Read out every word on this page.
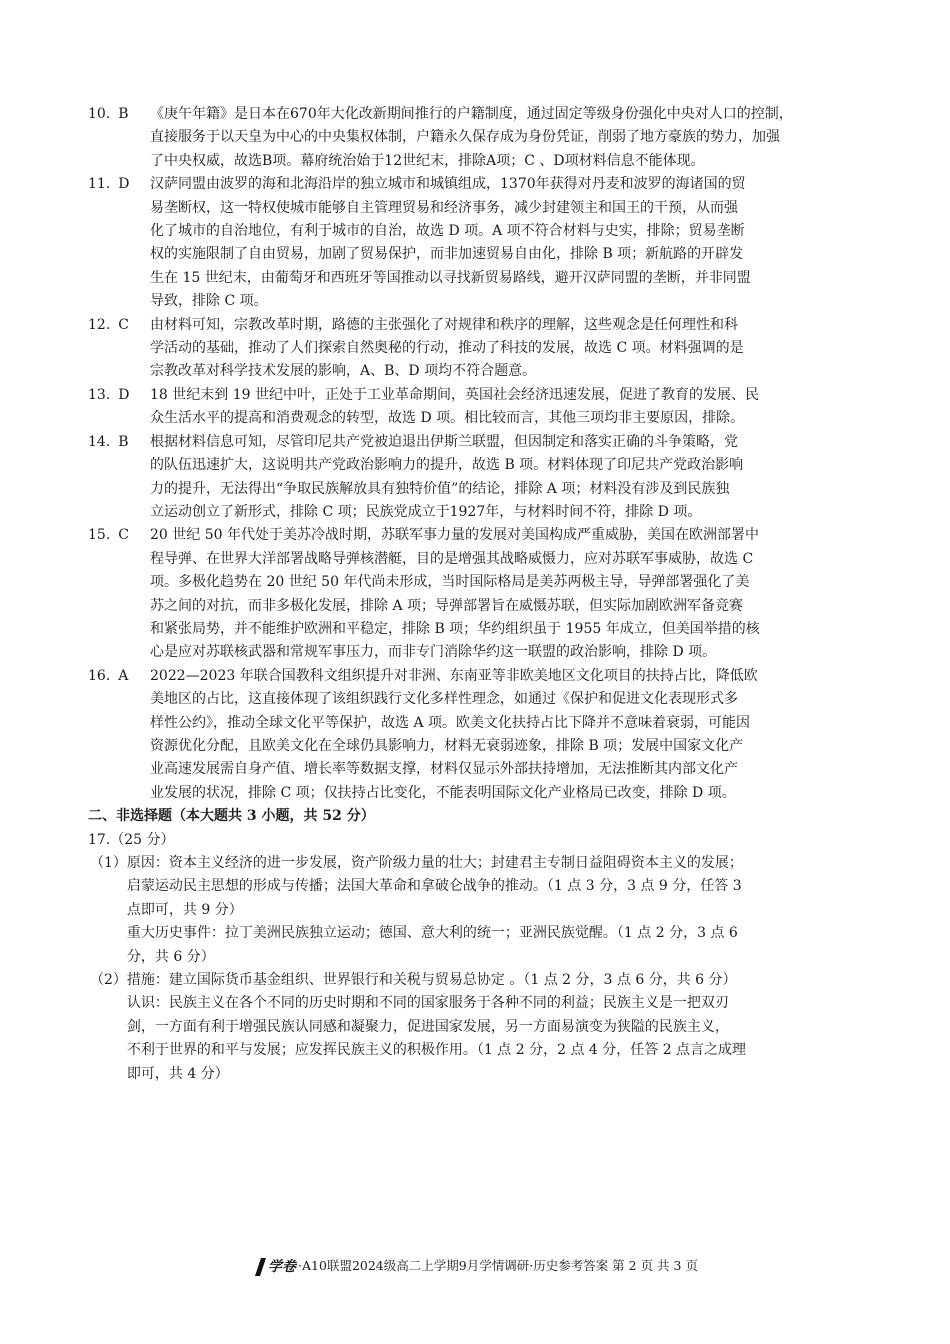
10. B	《庚午年籍》是日本在670年大化改新期间推行的户籍制度，通过固定等级身份强化中央对人口的控制，
直接服务于以天皇为中心的中央集权体制，户籍永久保存成为身份凭证，削弱了地方豪族的势力，加强
了中央权威，故选B项。幕府统治始于12世纪末，排除A项；C 、D项材料信息不能体现。
11. D	汉萨同盟由波罗的海和北海沿岸的独立城市和城镇组成，1370年获得对丹麦和波罗的海诸国的贸
易垄断权，这一特权使城市能够自主管理贸易和经济事务，减少封建领主和国王的干预，从而强
化了城市的自治地位，有利于城市的自治，故选 D 项。A 项不符合材料与史实，排除；贸易垄断
权的实施限制了自由贸易，加剧了贸易保护，而非加速贸易自由化，排除 B 项；新航路的开辟发
生在 15 世纪末，由葡萄牙和西班牙等国推动以寻找新贸易路线，避开汉萨同盟的垄断，并非同盟
导致，排除 C 项。
12. C	由材料可知，宗教改革时期，路德的主张强化了对规律和秩序的理解，这些观念是任何理性和科
学活动的基础，推动了人们探索自然奥秘的行动，推动了科技的发展，故选 C 项。材料强调的是
宗教改革对科学技术发展的影响，A、B、D 项均不符合题意。
13. D	18 世纪末到 19 世纪中叶，正处于工业革命期间，英国社会经济迅速发展，促进了教育的发展、民
众生活水平的提高和消费观念的转型，故选 D 项。相比较而言，其他三项均非主要原因，排除。
14. B	根据材料信息可知，尽管印尼共产党被迫退出伊斯兰联盟，但因制定和落实正确的斗争策略，党
的队伍迅速扩大，这说明共产党政治影响力的提升，故选 B 项。材料体现了印尼共产党政治影响
力的提升，无法得出“争取民族解放具有独特价值”的结论，排除 A 项；材料没有涉及到民族独
立运动创立了新形式，排除 C 项；民族党成立于1927年，与材料时间不符，排除 D 项。
15. C	20 世纪 50 年代处于美苏冷战时期，苏联军事力量的发展对美国构成严重威胁，美国在欧洲部署中
程导弹、在世界大洋部署战略导弹核潜艇，目的是增强其战略威慑力，应对苏联军事威胁，故选 C
项。多极化趋势在 20 世纪 50 年代尚未形成，当时国际格局是美苏两极主导，导弹部署强化了美
苏之间的对抗，而非多极化发展，排除 A 项；导弹部署旨在威慑苏联，但实际加剧欧洲军备竞赛
和紧张局势，并不能维护欧洲和平稳定，排除 B 项；华约组织虽于 1955 年成立，但美国举措的核
心是应对苏联核武器和常规军事压力，而非专门消除华约这一联盟的政治影响，排除 D 项。
16. A	2022—2023 年联合国教科文组织提升对非洲、东南亚等非欧美地区文化项目的扶持占比，降低欧
美地区的占比，这直接体现了该组织践行文化多样性理念，如通过《保护和促进文化表现形式多
样性公约》，推动全球文化平等保护，故选 A 项。欧美文化扶持占比下降并不意味着衰弱，可能因
资源优化分配，且欧美文化在全球仍具影响力，材料无衰弱迹象，排除 B 项；发展中国家文化产
业高速发展需自身产值、增长率等数据支撑，材料仅显示外部扶持增加，无法推断其内部文化产
业发展的状况，排除 C 项；仅扶持占比变化，不能表明国际文化产业格局已改变，排除 D 项。
二、非选择题（本大题共 3 小题，共 52 分）
17.（25 分）
（1） 原因：资本主义经济的进一步发展，资产阶级力量的壮大；封建君主专制日益阻碍资本主义的发展；
启蒙运动民主思想的形成与传播；法国大革命和拿破仑战争的推动。（1 点 3 分，3 点 9 分，任答 3
点即可，共 9 分）
重大历史事件：拉丁美洲民族独立运动；德国、意大利的统一；亚洲民族觉醒。（1 点 2 分，3 点 6
分，共 6 分）
（2） 措施：建立国际货币基金组织、世界银行和关税与贸易总协定 。（1 点 2 分，3 点 6 分，共 6 分）
认识：民族主义在各个不同的历史时期和不同的国家服务于各种不同的利益；民族主义是一把双刃
剑，一方面有利于增强民族认同感和凝聚力，促进国家发展，另一方面易演变为狭隘的民族主义，
不利于世界的和平与发展；应发挥民族主义的积极作用。（1 点 2 分，2 点 4 分，任答 2 点言之成理
即可，共 4 分）
学卷 ·A10联盟2024级高二上学期9月学情调研·历史参考答案 第 2 页 共 3 页
